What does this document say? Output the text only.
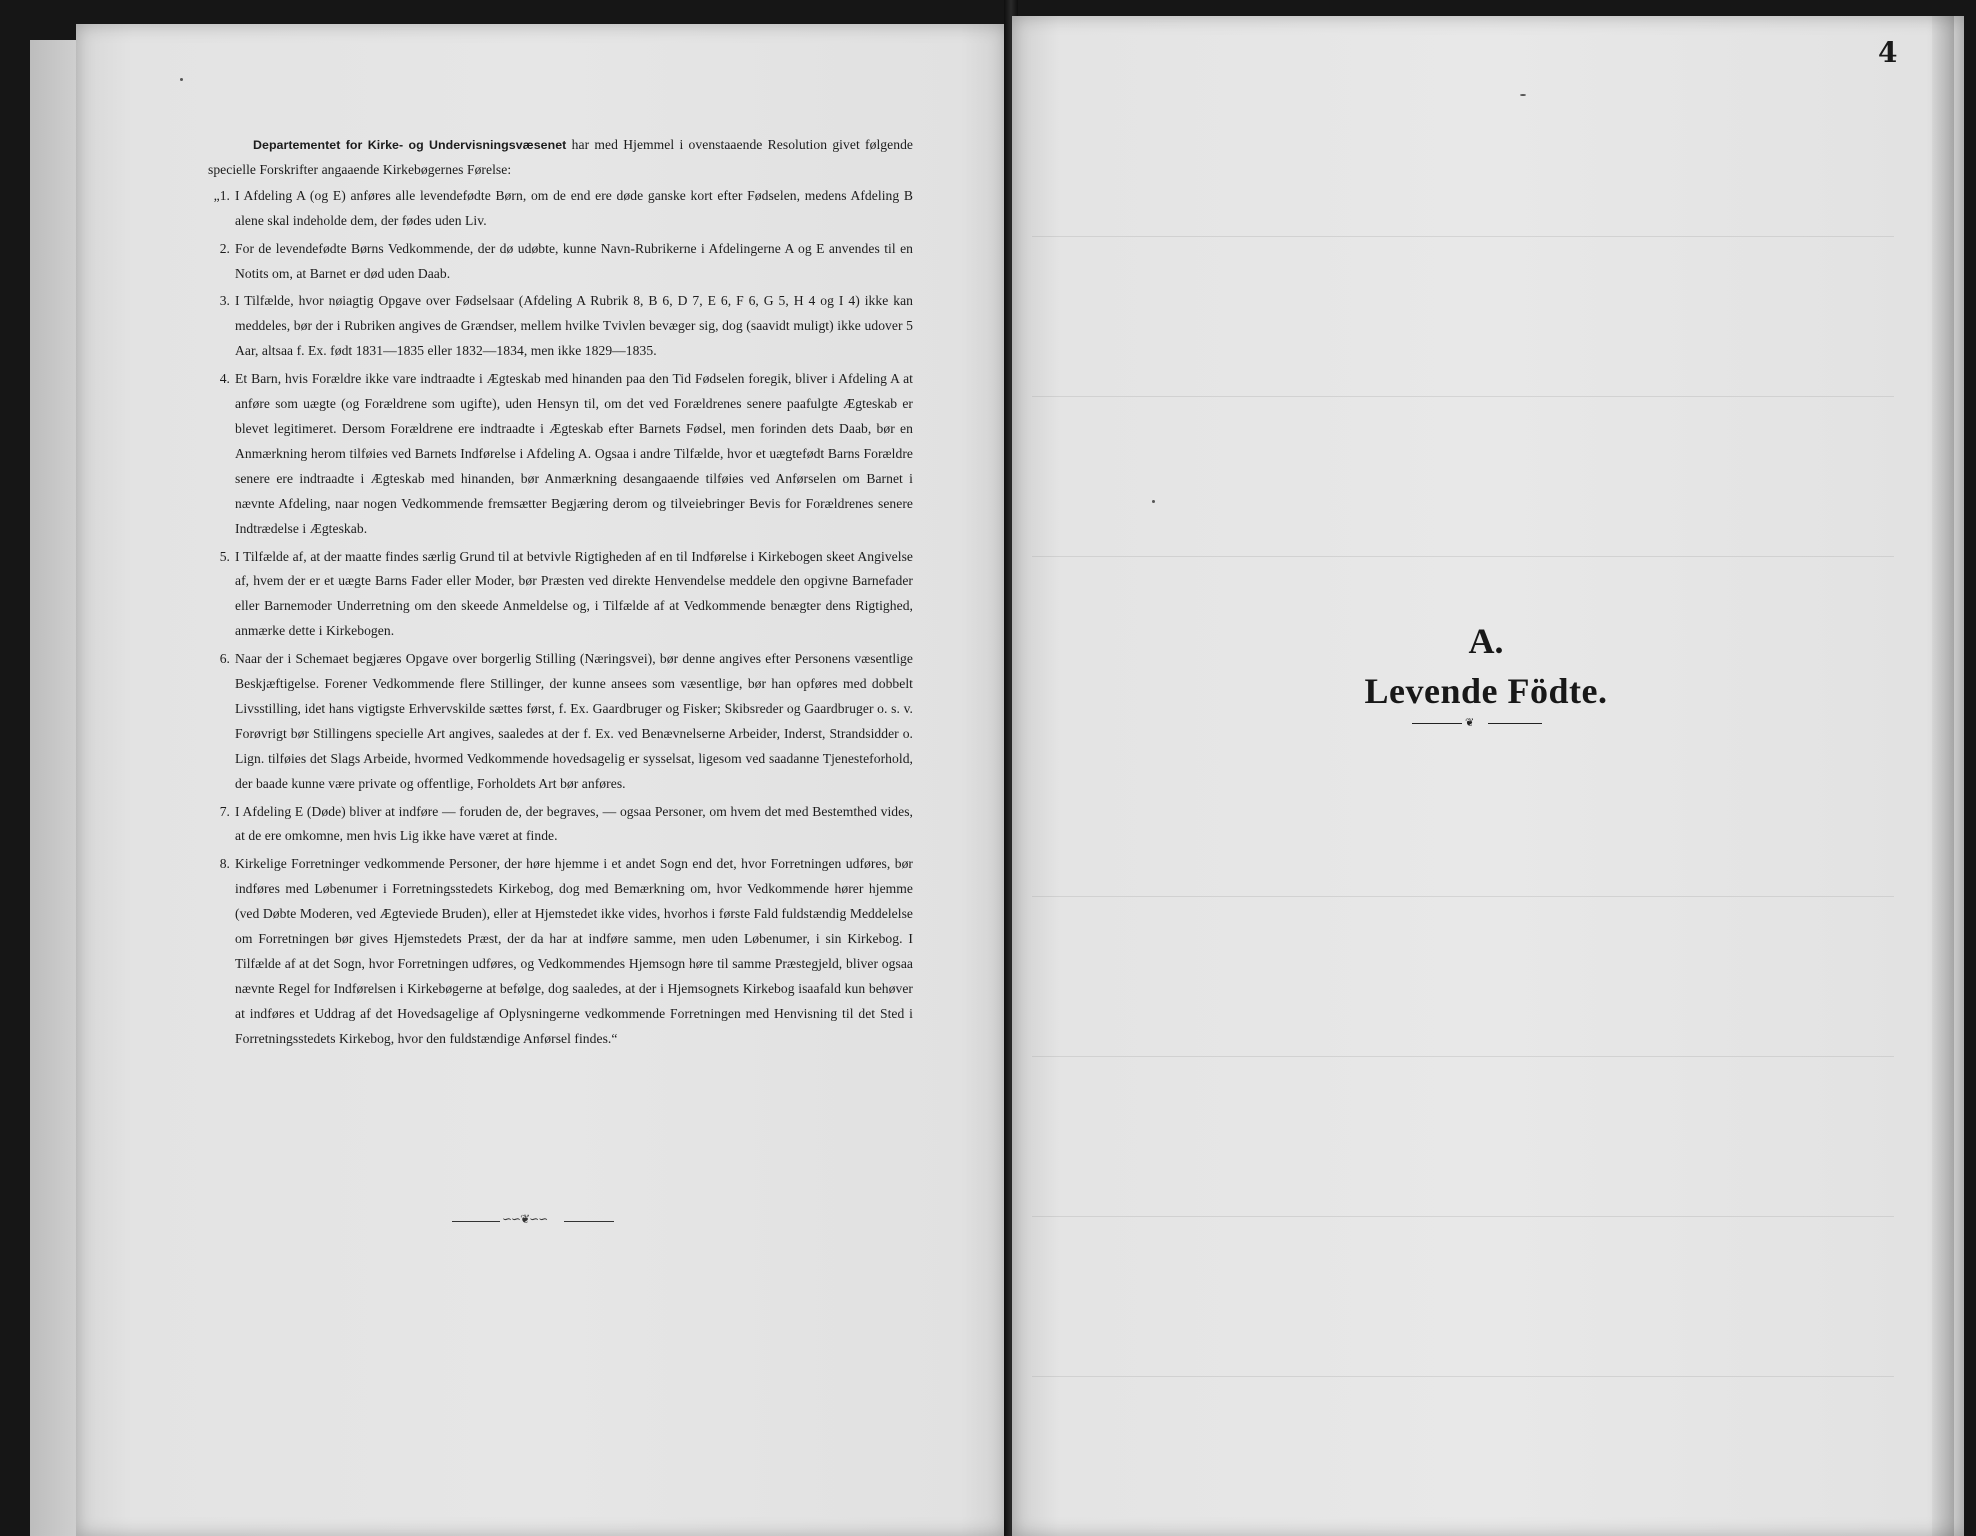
Departementet for Kirke- og Undervisningsvæsenet har med Hjemmel i ovenstaaende Resolution givet følgende specielle Forskrifter angaaende Kirkebøgernes Førelse:

„1. I Afdeling A (og E) anføres alle levendefødte Børn, om de end ere døde ganske kort efter Fødselen, medens Afdeling B alene skal indeholde dem, der fødes uden Liv.
2. For de levendefødte Børns Vedkommende, der dø udøbte, kunne Navn-Rubrikerne i Afdelingerne A og E anvendes til en Notits om, at Barnet er død uden Daab.
3. I Tilfælde, hvor nøiagtig Opgave over Fødselsaar (Afdeling A Rubrik 8, B 6, D 7, E 6, F 6, G 5, H 4 og I 4) ikke kan meddeles, bør der i Rubriken angives de Grændser, mellem hvilke Tvivlen bevæger sig, dog (saavidt muligt) ikke udover 5 Aar, altsaa f. Ex. født 1831—1835 eller 1832—1834, men ikke 1829—1835.
4. Et Barn, hvis Forældre ikke vare indtraadte i Ægteskab med hinanden paa den Tid Fødselen foregik, bliver i Afdeling A at anføre som uægte (og Forældrene som ugifte), uden Hensyn til, om det ved Forældrenes senere paafulgte Ægteskab er blevet legitimeret. Dersom Forældrene ere indtraadte i Ægteskab efter Barnets Fødsel, men forinden dets Daab, bør en Anmærkning herom tilføies ved Barnets Indførelse i Afdeling A. Ogsaa i andre Tilfælde, hvor et uægtefødt Barns Forældre senere ere indtraadte i Ægteskab med hinanden, bør Anmærkning desangaaende tilføies ved Anførselen om Barnet i nævnte Afdeling, naar nogen Vedkommende fremsætter Begjæring derom og tilveiebringer Bevis for Forældrenes senere Indtrædelse i Ægteskab.
5. I Tilfælde af, at der maatte findes særlig Grund til at betvivle Rigtigheden af en til Indførelse i Kirkebogen skeet Angivelse af, hvem der er et uægte Barns Fader eller Moder, bør Præsten ved direkte Henvendelse meddele den opgivne Barnefader eller Barnemoder Underretning om den skeede Anmeldelse og, i Tilfælde af at Vedkommende benægter dens Rigtighed, anmærke dette i Kirkebogen.
6. Naar der i Schemaet begjæres Opgave over borgerlig Stilling (Næringsvei), bør denne angives efter Personens væsentlige Beskjæftigelse. Forener Vedkommende flere Stillinger, der kunne ansees som væsentlige, bør han opføres med dobbelt Livsstilling, idet hans vigtigste Erhvervskilde sættes først, f. Ex. Gaardbruger og Fisker; Skibsreder og Gaardbruger o. s. v. Forøvrigt bør Stillingens specielle Art angives, saaledes at der f. Ex. ved Benævnelserne Arbeider, Inderst, Strandsidder o. Lign. tilføies det Slags Arbeide, hvormed Vedkommende hovedsagelig er sysselsat, ligesom ved saadanne Tjenesteforhold, der baade kunne være private og offentlige, Forholdets Art bør anføres.
7. I Afdeling E (Døde) bliver at indføre — foruden de, der begraves, — ogsaa Personer, om hvem det med Bestemthed vides, at de ere omkomne, men hvis Lig ikke have været at finde.
8. Kirkelige Forretninger vedkommende Personer, der høre hjemme i et andet Sogn end det, hvor Forretningen udføres, bør indføres med Løbenumer i Forretningsstedets Kirkebog, dog med Bemærkning om, hvor Vedkommende hører hjemme (ved Døbte Moderen, ved Ægteviede Bruden), eller at Hjemstedet ikke vides, hvorhos i første Fald fuldstændig Meddelelse om Forretningen bør gives Hjemstedets Præst, der da har at indføre samme, men uden Løbenumer, i sin Kirkebog. I Tilfælde af at det Sogn, hvor Forretningen udføres, og Vedkommendes Hjemsogn høre til samme Præstegjeld, bliver ogsaa nævnte Regel for Indførelsen i Kirkebøgerne at befølge, dog saaledes, at der i Hjemsognets Kirkebog isaafald kun behøver at indføres et Uddrag af det Hovedsagelige af Oplysningerne vedkommende Forretningen med Henvisning til det Sted i Forretningsstedets Kirkebog, hvor den fuldstændige Anførsel findes.“
∽∽❦∽∽
4
A.
Levende Födte.
❦
